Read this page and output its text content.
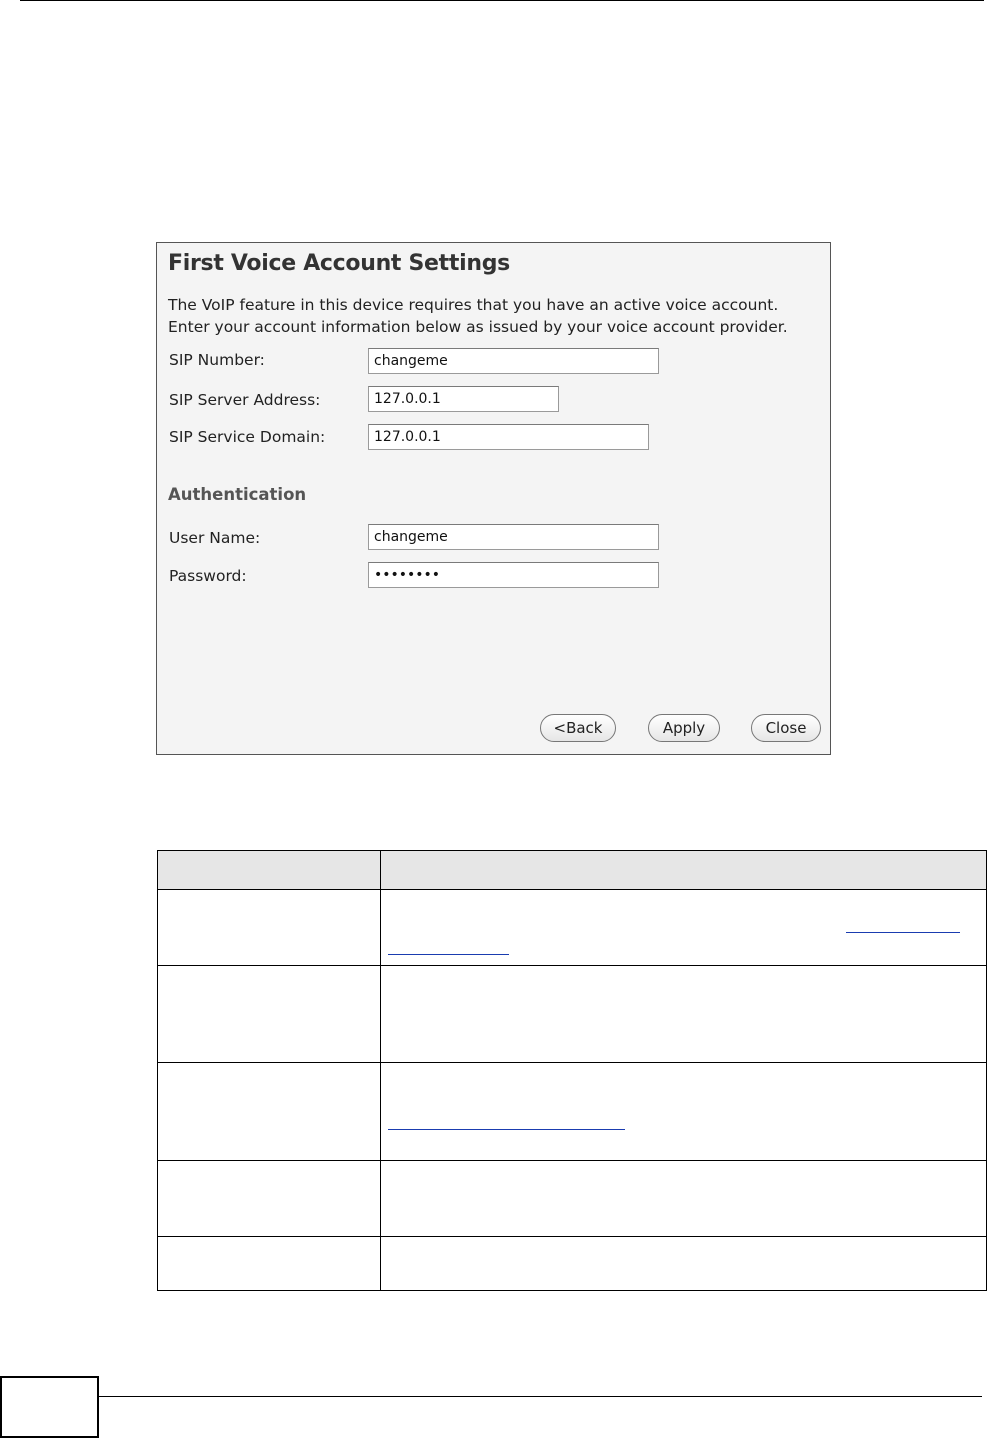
First Voice Account Settings
The VoIP feature in this device requires that you have an active voice account.
Enter your account information below as issued by your voice account provider.
SIP Number:
changeme
SIP Server Address:
127.0.0.1
SIP Service Domain:
127.0.0.1
Authentication
User Name:
changeme
Password:
••••••••
<Back	Apply	Close
